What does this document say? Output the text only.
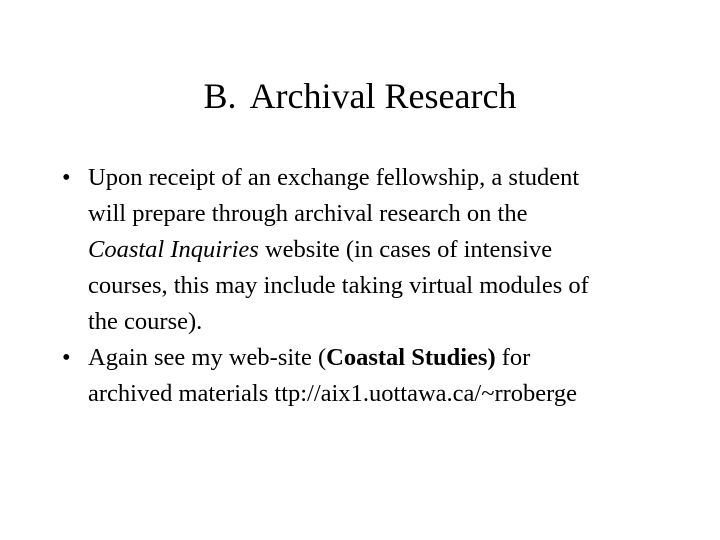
B. Archival Research
• Upon receipt of an exchange fellowship, a student
will prepare through archival research on the
Coastal Inquiries website (in cases of intensive
courses, this may include taking virtual modules of
the course).
• Again see my web-site (Coastal Studies) for
archived materials ttp://aix1.uottawa.ca/~rroberge
